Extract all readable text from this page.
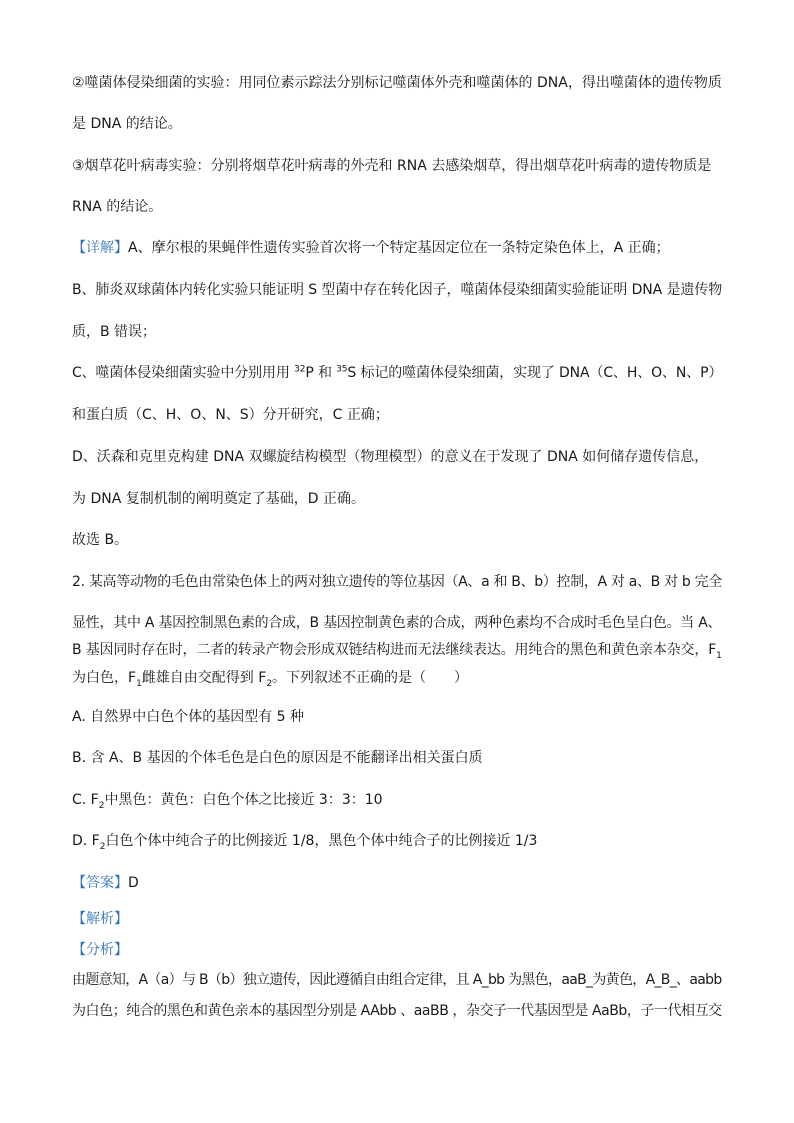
②噬菌体侵染细菌的实验：用同位素示踪法分别标记噬菌体外壳和噬菌体的 DNA，得出噬菌体的遗传物质
是 DNA 的结论。
③烟草花叶病毒实验：分别将烟草花叶病毒的外壳和 RNA 去感染烟草，得出烟草花叶病毒的遗传物质是
RNA 的结论。
【详解】A、摩尔根的果蝇伴性遗传实验首次将一个特定基因定位在一条特定染色体上，A 正确；
B、肺炎双球菌体内转化实验只能证明 S 型菌中存在转化因子，噬菌体侵染细菌实验能证明 DNA 是遗传物
质，B 错误；
C、噬菌体侵染细菌实验中分别用用 $^{32}$P 和 $^{35}$S 标记的噬菌体侵染细菌，实现了 DNA（C、H、O、N、P）
和蛋白质（C、H、O、N、S）分开研究，C 正确；
D、沃森和克里克构建 DNA 双螺旋结构模型（物理模型）的意义在于发现了 DNA 如何储存遗传信息，
为 DNA 复制机制的阐明奠定了基础，D 正确。
故选 B。
2. 某高等动物的毛色由常染色体上的两对独立遗传的等位基因（A、a 和 B、b）控制，A 对 a、B 对 b 完全
显性，其中 A 基因控制黑色素的合成，B 基因控制黄色素的合成，两种色素均不合成时毛色呈白色。当 A、
B 基因同时存在时，二者的转录产物会形成双链结构进而无法继续表达。用纯合的黑色和黄色亲本杂交，$F_1$
为白色，$F_1$雌雄自由交配得到 $F_2$。下列叙述不正确的是（　　）
A. 自然界中白色个体的基因型有 5 种
B. 含 A、B 基因的个体毛色是白色的原因是不能翻译出相关蛋白质
C. $F_2$中黑色：黄色：白色个体之比接近 3：3：10
D. $F_2$白色个体中纯合子的比例接近 1/8，黑色个体中纯合子的比例接近 1/3
【答案】D
【解析】
【分析】
由题意知，A（a）与 B（b）独立遗传，因此遵循自由组合定律，且 A_bb 为黑色，aaB_为黄色，A_B_、aabb
为白色；纯合的黑色和黄色亲本的基因型分别是 AAbb 、aaBB ，杂交子一代基因型是 AaBb，子一代相互交
